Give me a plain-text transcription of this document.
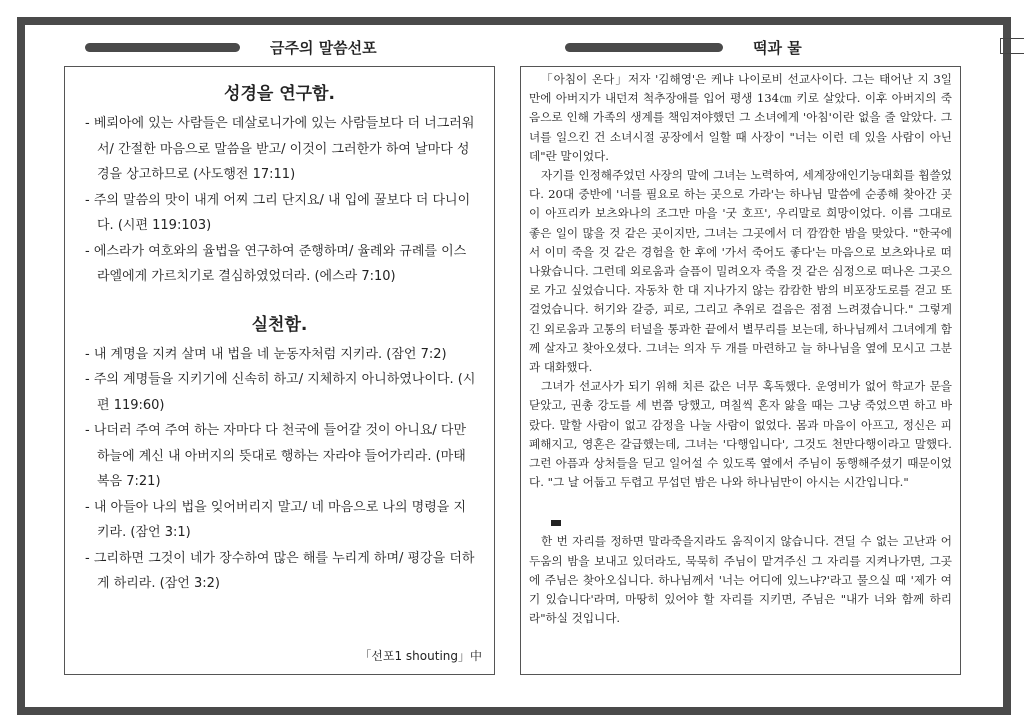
금주의 말씀선포	떡과 물
성경을 연구함.

- 베뢰아에 있는 사람들은 데살로니가에 있는 사람들보다 더 너그러워서/ 간절한 마음으로 말씀을 받고/ 이것이 그러한가 하여 날마다 성경을 상고하므로 (사도행전 17:11)

- 주의 말씀의 맛이 내게 어찌 그리 단지요/ 내 입에 꿀보다 더 다니이다. (시편 119:103)

- 에스라가 여호와의 율법을 연구하여 준행하며/ 율례와 규례를 이스라엘에게 가르치기로 결심하였었더라. (에스라 7:10)

실천함.

- 내 계명을 지켜 살며 내 법을 네 눈동자처럼 지키라. (잠언 7:2)

- 주의 계명들을 지키기에 신속히 하고/ 지체하지 아니하였나이다. (시편 119:60)

- 나더러 주여 주여 하는 자마다 다 천국에 들어갈 것이 아니요/ 다만 하늘에 계신 내 아버지의 뜻대로 행하는 자라야 들어가리라. (마태복음 7:21)

- 내 아들아 나의 법을 잊어버리지 말고/ 네 마음으로 나의 명령을 지키라. (잠언 3:1)

- 그리하면 그것이 네가 장수하여 많은 해를 누리게 하며/ 평강을 더하게 하리라. (잠언 3:2)

「선포1 shouting」中

「아침이 온다」저자 '김해영'은 케냐 나이로비 선교사이다. 그는 태어난 지 3일 만에 아버지가 내던져 척추장애를 입어 평생 134㎝ 키로 살았다. 이후 아버지의 죽음으로 인해 가족의 생계를 책임져야했던 그 소녀에게 '아침'이란 없을 줄 알았다. 그녀를 일으킨 건 소녀시절 공장에서 일할 때 사장이 "너는 이런 데 있을 사람이 아닌데"란 말이었다.

자기를 인정해주었던 사장의 말에 그녀는 노력하여, 세계장애인기능대회를 휩쓸었다. 20대 중반에 '너를 필요로 하는 곳으로 가라'는 하나님 말씀에 순종해 찾아간 곳이 아프리카 보츠와나의 조그만 마을 '굿 호프', 우리말로 희망이었다. 이름 그대로 좋은 일이 많을 것 같은 곳이지만, 그녀는 그곳에서 더 깜깜한 밤을 맞았다. "한국에서 이미 죽을 것 같은 경험을 한 후에 '가서 죽어도 좋다'는 마음으로 보츠와나로 떠나왔습니다. 그런데 외로움과 슬픔이 밀려오자 죽을 것 같은 심정으로 떠나온 그곳으로 가고 싶었습니다. 자동차 한 대 지나가지 않는 캄캄한 밤의 비포장도로를 걷고 또 걸었습니다. 허기와 갈증, 피로, 그리고 추위로 걸음은 점점 느려졌습니다." 그렇게 긴 외로움과 고통의 터널을 통과한 끝에서 별무리를 보는데, 하나님께서 그녀에게 함께 살자고 찾아오셨다. 그녀는 의자 두 개를 마련하고 늘 하나님을 옆에 모시고 그분과 대화했다.

그녀가 선교사가 되기 위해 치른 값은 너무 혹독했다. 운영비가 없어 학교가 문을 닫았고, 권총 강도를 세 번쯤 당했고, 며칠씩 혼자 앓을 때는 그냥 죽었으면 하고 바랐다. 말할 사람이 없고 감정을 나눌 사람이 없었다. 몸과 마음이 아프고, 정신은 피폐해지고, 영혼은 갈급했는데, 그녀는 '다행입니다', 그것도 천만다행이라고 말했다. 그런 아픔과 상처들을 딛고 일어설 수 있도록 옆에서 주님이 동행해주셨기 때문이었다. "그 날 어둡고 두렵고 무섭던 밤은 나와 하나님만이 아시는 시간입니다."

한 번 자리를 정하면 말라죽을지라도 움직이지 않습니다. 견딜 수 없는 고난과 어두움의 밤을 보내고 있더라도, 묵묵히 주님이 맡겨주신 그 자리를 지켜나가면, 그곳에 주님은 찾아오십니다. 하나님께서 '너는 어디에 있느냐?'라고 물으실 때 '제가 여기 있습니다'라며, 마땅히 있어야 할 자리를 지키면, 주님은 "내가 너와 함께 하리라"하실 것입니다.
